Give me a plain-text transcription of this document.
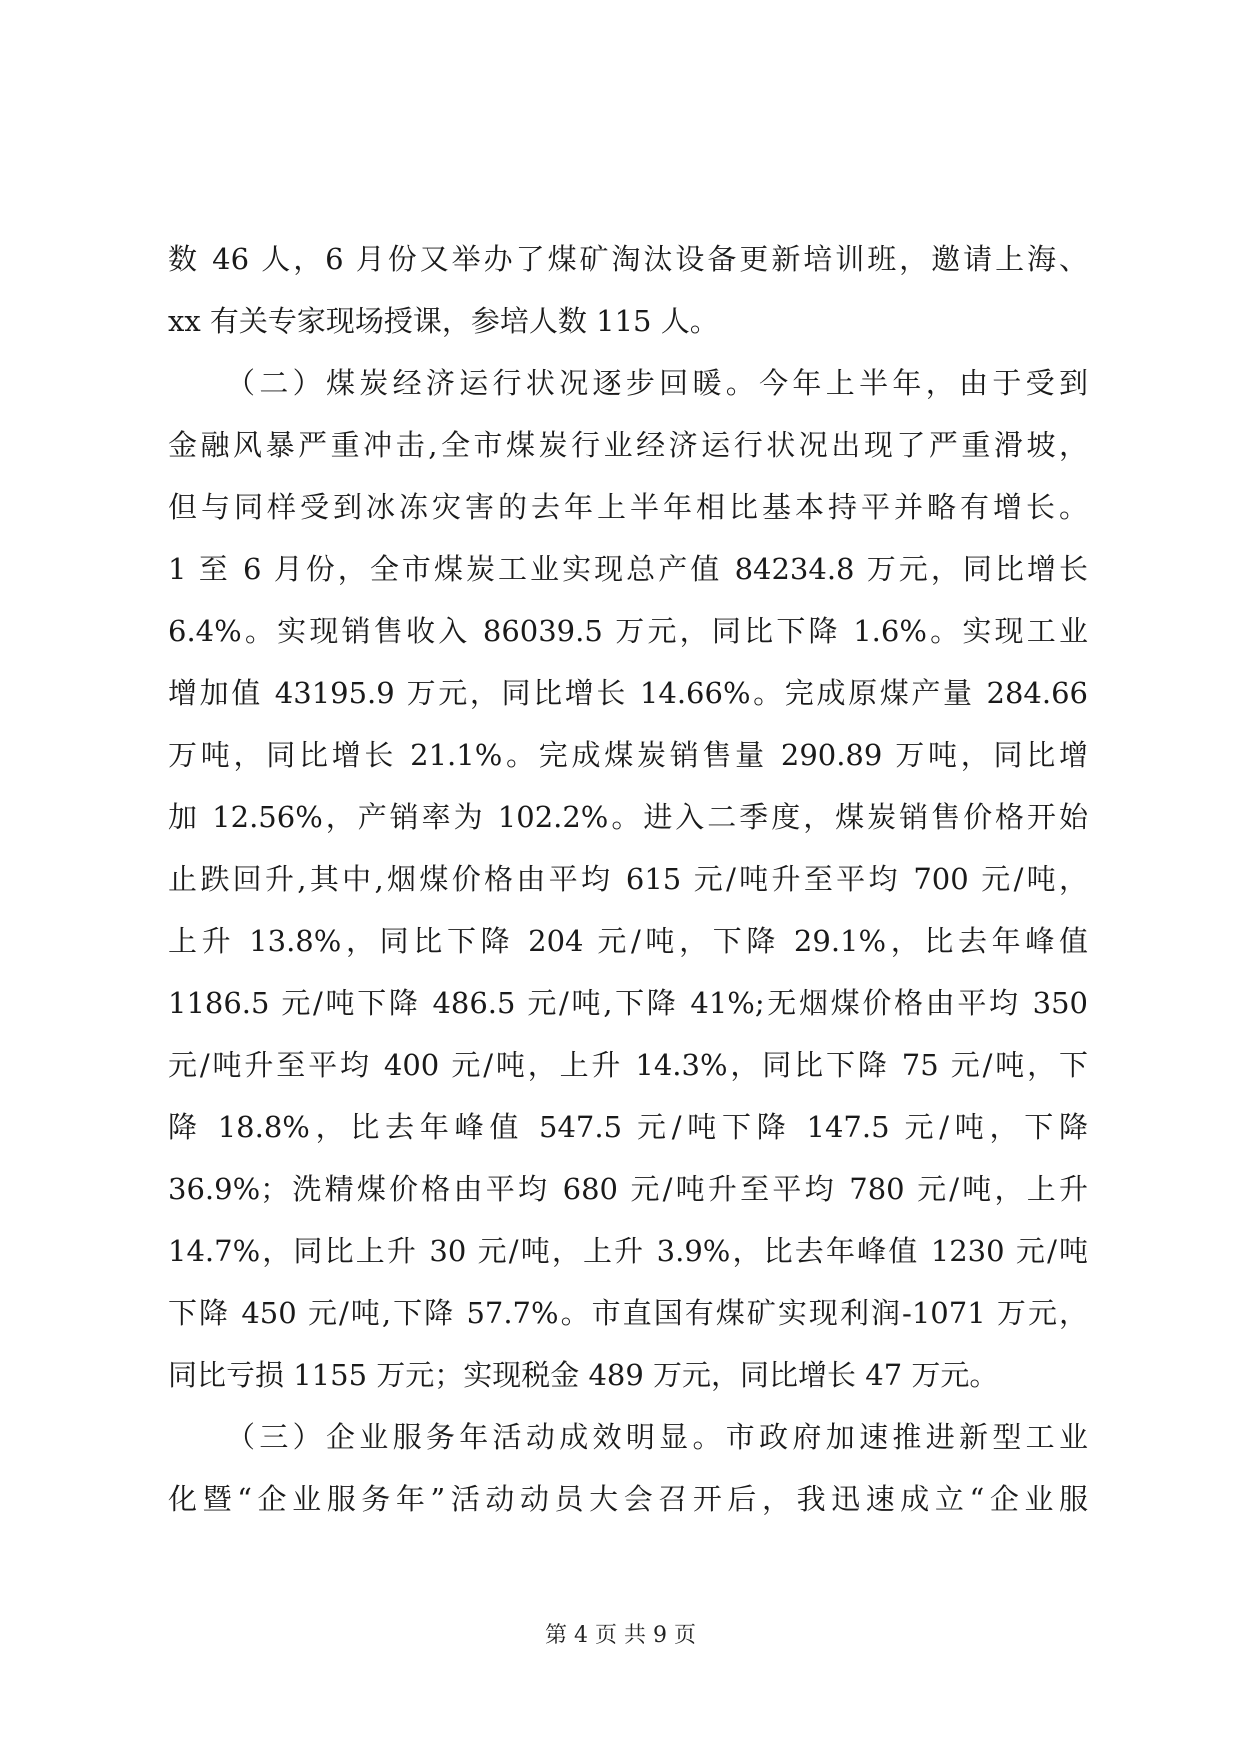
数 46 人，6 月份又举办了煤矿淘汰设备更新培训班，邀请上海、
xx 有关专家现场授课，参培人数 115 人。
（二）煤炭经济运行状况逐步回暖。今年上半年，由于受到
金融风暴严重冲击,全市煤炭行业经济运行状况出现了严重滑坡，
但与同样受到冰冻灾害的去年上半年相比基本持平并略有增长。
1 至 6 月份，全市煤炭工业实现总产值 84234.8 万元，同比增长
6.4%。实现销售收入 86039.5 万元，同比下降 1.6%。实现工业
增加值 43195.9 万元，同比增长 14.66%。完成原煤产量 284.66
万吨，同比增长 21.1%。完成煤炭销售量 290.89 万吨，同比增
加 12.56%，产销率为 102.2%。进入二季度，煤炭销售价格开始
止跌回升,其中,烟煤价格由平均 615 元/吨升至平均 700 元/吨，
上升 13.8%，同比下降 204 元/吨，下降 29.1%，比去年峰值
1186.5 元/吨下降 486.5 元/吨,下降 41%;无烟煤价格由平均 350
元/吨升至平均 400 元/吨，上升 14.3%，同比下降 75 元/吨，下
降 18.8%，比去年峰值 547.5 元/吨下降 147.5 元/吨，下降
36.9%；洗精煤价格由平均 680 元/吨升至平均 780 元/吨，上升
14.7%，同比上升 30 元/吨，上升 3.9%，比去年峰值 1230 元/吨
下降 450 元/吨,下降 57.7%。市直国有煤矿实现利润-1071 万元，
同比亏损 1155 万元；实现税金 489 万元，同比增长 47 万元。
（三）企业服务年活动成效明显。市政府加速推进新型工业
化暨“企业服务年”活动动员大会召开后，我迅速成立“企业服
第 4 页 共 9 页
